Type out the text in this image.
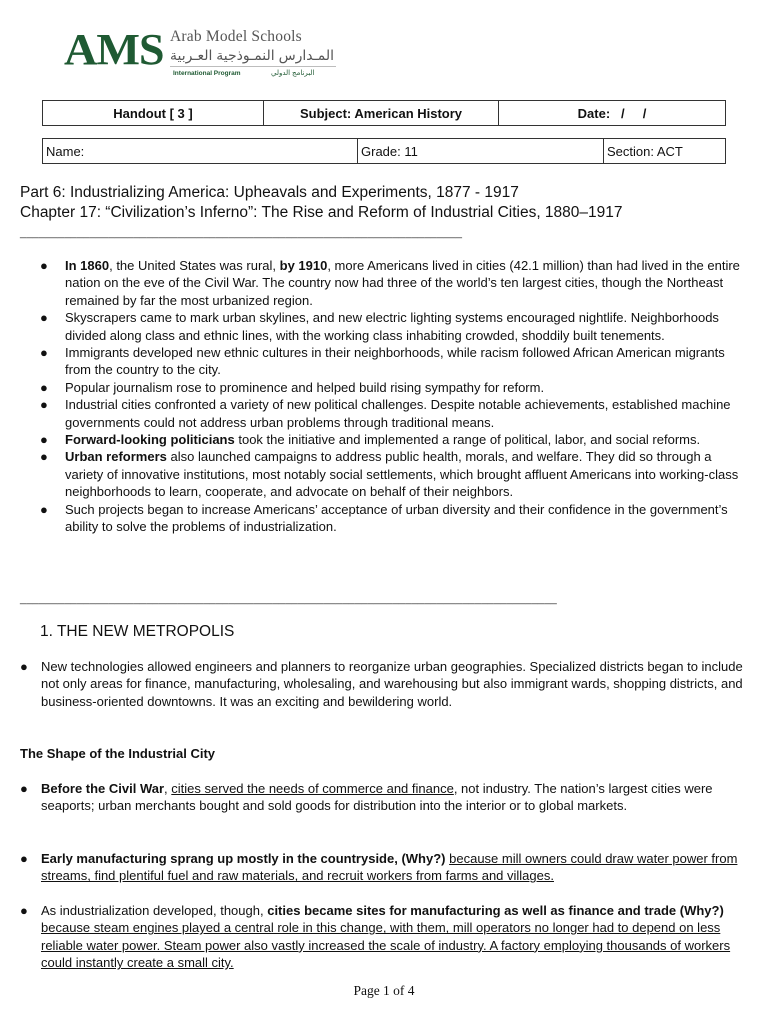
AMS Arab Model Schools
المـدارس النمـوذجية العـربية
International Program	البرنامج الدولي
Handout [ 3 ]	Subject: American History	Date: /     /
Name:	Grade: 11	Section: ACT
Part 6: Industrializing America: Upheavals and Experiments, 1877 - 1917
Chapter 17: “Civilization’s Inferno”: The Rise and Reform of Industrial Cities, 1880–1917
______________________________________________________________________
● In 1860, the United States was rural, by 1910, more Americans lived in cities (42.1 million) than had lived in the entire nation on the eve of the Civil War. The country now had three of the world’s ten largest cities, though the Northeast remained by far the most urbanized region.
● Skyscrapers came to mark urban skylines, and new electric lighting systems encouraged nightlife. Neighborhoods divided along class and ethnic lines, with the working class inhabiting crowded, shoddily built tenements.
● Immigrants developed new ethnic cultures in their neighborhoods, while racism followed African American migrants from the country to the city.
● Popular journalism rose to prominence and helped build rising sympathy for reform.
● Industrial cities confronted a variety of new political challenges. Despite notable achievements, established machine governments could not address urban problems through traditional means.
● Forward-looking politicians took the initiative and implemented a range of political, labor, and social reforms.
● Urban reformers also launched campaigns to address public health, morals, and welfare. They did so through a variety of innovative institutions, most notably social settlements, which brought affluent Americans into working-class neighborhoods to learn, cooperate, and advocate on behalf of their neighbors.
● Such projects began to increase Americans’ acceptance of urban diversity and their confidence in the government’s ability to solve the problems of industrialization.
_____________________________________________________________________________________
1. THE NEW METROPOLIS
●	New technologies allowed engineers and planners to reorganize urban geographies. Specialized districts began to include not only areas for finance, manufacturing, wholesaling, and warehousing but also immigrant wards, shopping districts, and business-oriented downtowns. It was an exciting and bewildering world.
The Shape of the Industrial City
●	Before the Civil War, cities served the needs of commerce and finance, not industry. The nation’s largest cities were seaports; urban merchants bought and sold goods for distribution into the interior or to global markets.
●	Early manufacturing sprang up mostly in the countryside, (Why?) because mill owners could draw water power from streams, find plentiful fuel and raw materials, and recruit workers from farms and villages.
●	As industrialization developed, though, cities became sites for manufacturing as well as finance and trade (Why?) because steam engines played a central role in this change, with them, mill operators no longer had to depend on less reliable water power. Steam power also vastly increased the scale of industry. A factory employing thousands of workers could instantly create a small city.
Page 1 of 4
